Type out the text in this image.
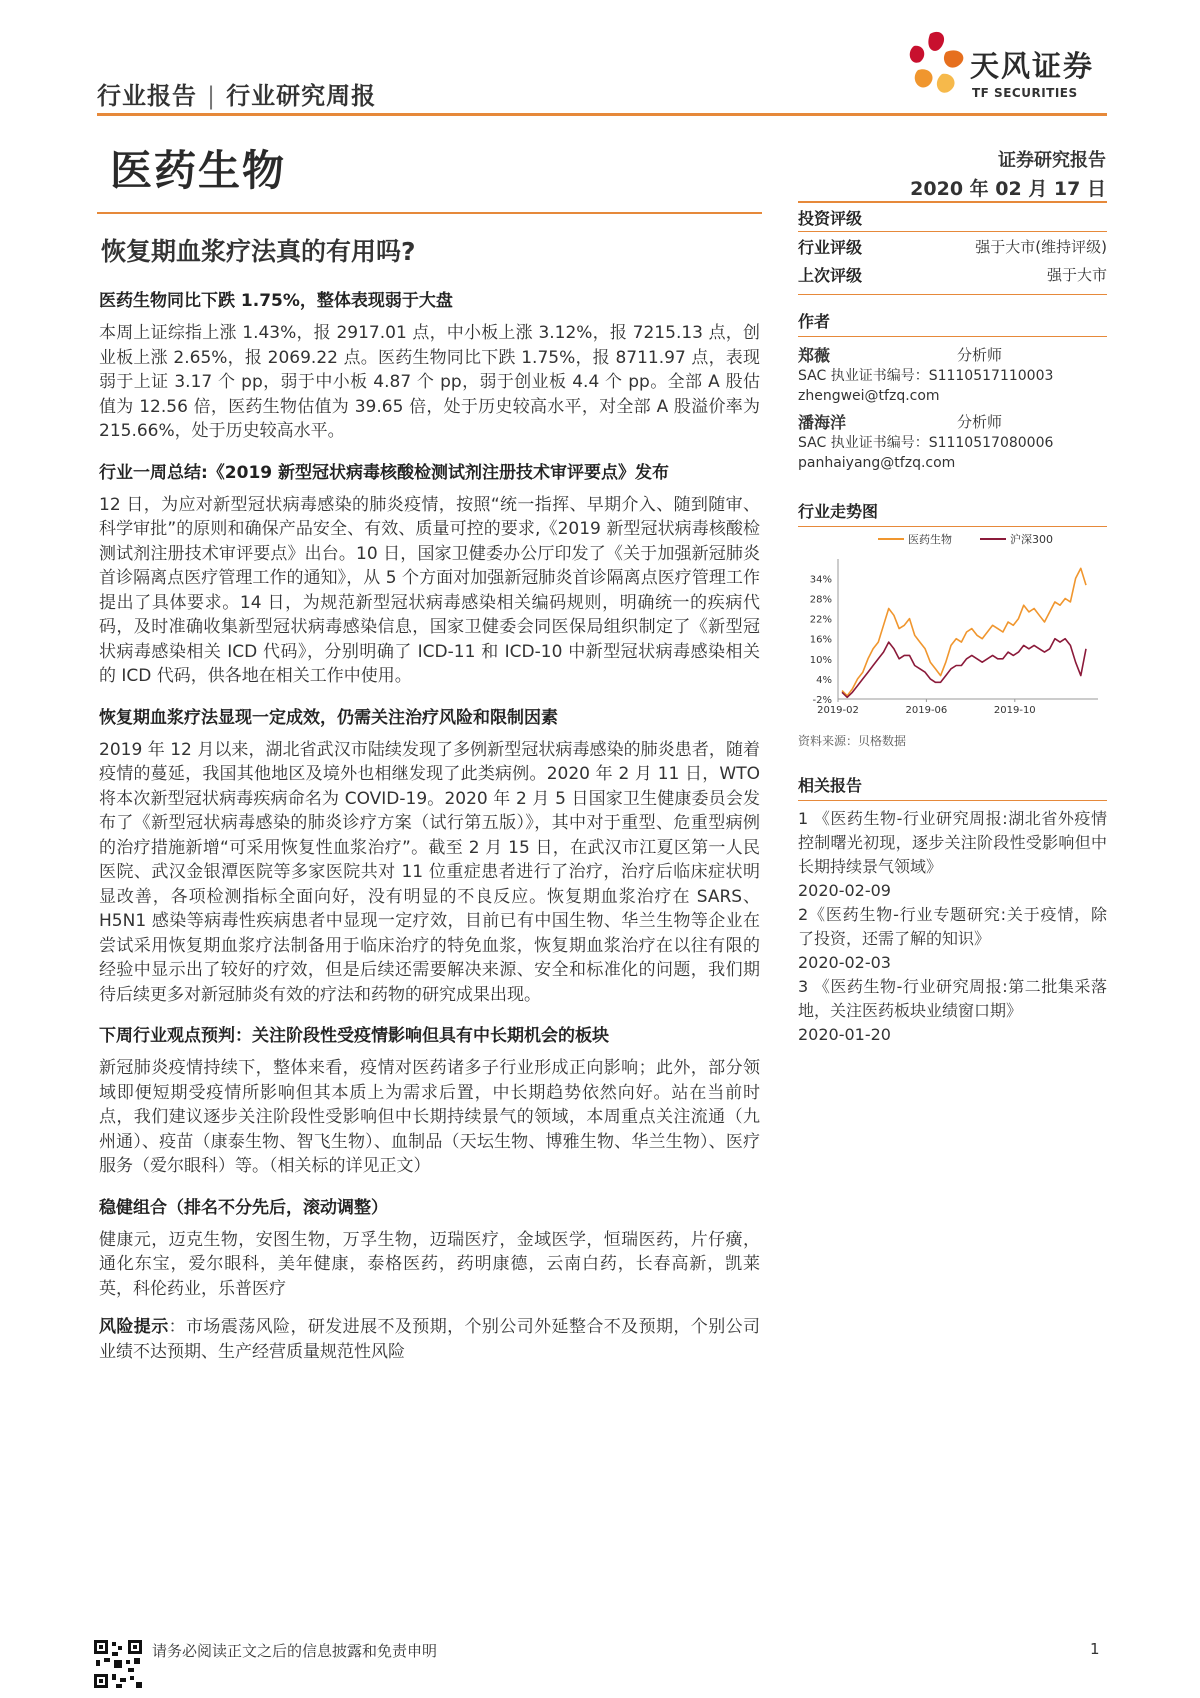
行业报告 | 行业研究周报
天风证券
TF SECURITIES
医药生物	证券研究报告
2020 年 02 月 17 日
恢复期血浆疗法真的有用吗?
医药生物同比下跌 1.75%，整体表现弱于大盘
本周上证综指上涨 1.43%，报 2917.01 点，中小板上涨 3.12%，报 7215.13 点，创业板上涨 2.65%，报 2069.22 点。医药生物同比下跌 1.75%，报 8711.97 点，表现弱于上证 3.17 个 pp，弱于中小板 4.87 个 pp，弱于创业板 4.4 个 pp。全部 A 股估值为 12.56 倍，医药生物估值为 39.65 倍，处于历史较高水平，对全部 A 股溢价率为 215.66%，处于历史较高水平。
行业一周总结:《2019 新型冠状病毒核酸检测试剂注册技术审评要点》发布
12 日，为应对新型冠状病毒感染的肺炎疫情，按照“统一指挥、早期介入、随到随审、科学审批”的原则和确保产品安全、有效、质量可控的要求,《2019 新型冠状病毒核酸检测试剂注册技术审评要点》出台。10 日，国家卫健委办公厅印发了《关于加强新冠肺炎首诊隔离点医疗管理工作的通知》，从 5 个方面对加强新冠肺炎首诊隔离点医疗管理工作提出了具体要求。14 日，为规范新型冠状病毒感染相关编码规则，明确统一的疾病代码，及时准确收集新型冠状病毒感染信息，国家卫健委会同医保局组织制定了《新型冠状病毒感染相关 ICD 代码》，分别明确了 ICD-11 和 ICD-10 中新型冠状病毒感染相关的 ICD 代码，供各地在相关工作中使用。
恢复期血浆疗法显现一定成效，仍需关注治疗风险和限制因素
2019 年 12 月以来，湖北省武汉市陆续发现了多例新型冠状病毒感染的肺炎患者，随着疫情的蔓延，我国其他地区及境外也相继发现了此类病例。2020 年 2 月 11 日，WTO 将本次新型冠状病毒疾病命名为 COVID-19。2020 年 2 月 5 日国家卫生健康委员会发布了《新型冠状病毒感染的肺炎诊疗方案（试行第五版）》，其中对于重型、危重型病例的治疗措施新增“可采用恢复性血浆治疗”。截至 2 月 15 日，在武汉市江夏区第一人民医院、武汉金银潭医院等多家医院共对 11 位重症患者进行了治疗，治疗后临床症状明显改善，各项检测指标全面向好，没有明显的不良反应。恢复期血浆治疗在 SARS、H5N1 感染等病毒性疾病患者中显现一定疗效，目前已有中国生物、华兰生物等企业在尝试采用恢复期血浆疗法制备用于临床治疗的特免血浆，恢复期血浆治疗在以往有限的经验中显示出了较好的疗效，但是后续还需要解决来源、安全和标准化的问题，我们期待后续更多对新冠肺炎有效的疗法和药物的研究成果出现。
下周行业观点预判：关注阶段性受疫情影响但具有中长期机会的板块
新冠肺炎疫情持续下，整体来看，疫情对医药诸多子行业形成正向影响；此外，部分领域即便短期受疫情所影响但其本质上为需求后置，中长期趋势依然向好。站在当前时点，我们建议逐步关注阶段性受影响但中长期持续景气的领域，本周重点关注流通（九州通）、疫苗（康泰生物、智飞生物）、血制品（天坛生物、博雅生物、华兰生物）、医疗服务（爱尔眼科）等。（相关标的详见正文）
稳健组合（排名不分先后，滚动调整）
健康元，迈克生物，安图生物，万孚生物，迈瑞医疗，金域医学，恒瑞医药，片仔癀，通化东宝，爱尔眼科，美年健康，泰格医药，药明康德，云南白药，长春高新，凯莱英，科伦药业，乐普医疗
风险提示：市场震荡风险，研发进展不及预期，个别公司外延整合不及预期，个别公司业绩不达预期、生产经营质量规范性风险
投资评级
行业评级	强于大市(维持评级)
上次评级	强于大市
作者
郑薇	分析师
SAC 执业证书编号：S1110517110003
zhengwei@tfzq.com
潘海洋	分析师
SAC 执业证书编号：S1110517080006
panhaiyang@tfzq.com
行业走势图
医药生物	沪深300
34%
28%
22%
16%
10%
4%
-2%
2019-02	2019-06	2019-10
资料来源：贝格数据
相关报告
1 《医药生物-行业研究周报:湖北省外疫情控制曙光初现，逐步关注阶段性受影响但中长期持续景气领域》
2020-02-09
2《医药生物-行业专题研究:关于疫情，除了投资，还需了解的知识》
2020-02-03
3 《医药生物-行业研究周报:第二批集采落地，关注医药板块业绩窗口期》
2020-01-20
请务必阅读正文之后的信息披露和免责申明	1
